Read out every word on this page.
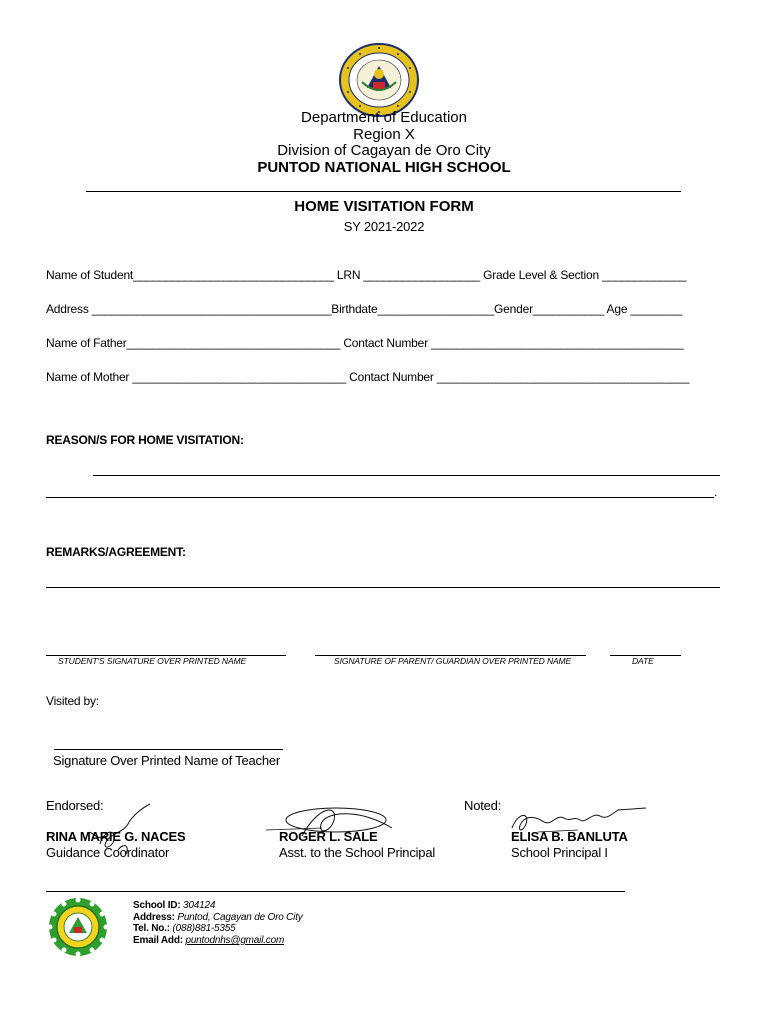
Department of Education
Region X
Division of Cagayan de Oro City
PUNTOD NATIONAL HIGH SCHOOL
HOME VISITATION FORM
SY 2021-2022
Name of Student_______________________________ LRN __________________ Grade Level & Section _____________
Address _____________________________________Birthdate__________________Gender___________ Age ________
Name of Father_________________________________ Contact Number _______________________________________
Name of Mother _________________________________ Contact Number _______________________________________
REASON/S FOR HOME VISITATION:
.
REMARKS/AGREEMENT:
STUDENT'S SIGNATURE OVER PRINTED NAME	SIGNATURE OF PARENT/ GUARDIAN OVER PRINTED NAME	DATE
Visited by:
Signature Over Printed Name of Teacher
Endorsed:	Noted:
RINA MARIE G. NACES
Guidance Coordinator
ROGER L. SALE
Asst. to the School Principal
ELISA B. BANLUTA
School Principal I
School ID: 304124
Address: Puntod, Cagayan de Oro City
Tel. No.: (088)881-5355
Email Add: puntodnhs@gmail.com
